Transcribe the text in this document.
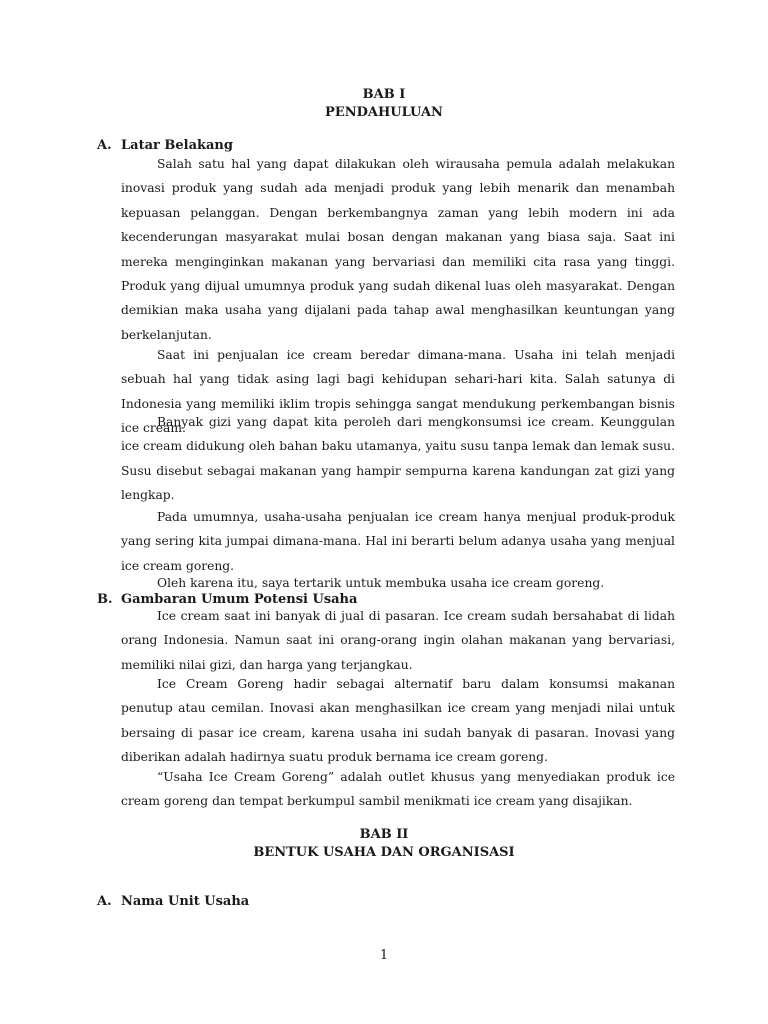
BAB I
PENDAHULUAN
A. Latar Belakang

Salah satu hal yang dapat dilakukan oleh wirausaha pemula adalah melakukan inovasi produk yang sudah ada menjadi produk yang lebih menarik dan menambah kepuasan pelanggan. Dengan berkembangnya zaman yang lebih modern ini ada kecenderungan masyarakat mulai bosan dengan makanan yang biasa saja. Saat ini mereka menginginkan makanan yang bervariasi dan memiliki cita rasa yang tinggi. Produk yang dijual umumnya produk yang sudah dikenal luas oleh masyarakat. Dengan demikian maka usaha yang dijalani pada tahap awal menghasilkan keuntungan yang berkelanjutan.

Saat ini penjualan ice cream beredar dimana-mana. Usaha ini telah menjadi sebuah hal yang tidak asing lagi bagi kehidupan sehari-hari kita. Salah satunya di Indonesia yang memiliki iklim tropis sehingga sangat mendukung perkembangan bisnis ice cream.

Banyak gizi yang dapat kita peroleh dari mengkonsumsi ice cream. Keunggulan ice cream didukung oleh bahan baku utamanya, yaitu susu tanpa lemak dan lemak susu. Susu disebut sebagai makanan yang hampir sempurna karena kandungan zat gizi yang lengkap.

Pada umumnya, usaha-usaha penjualan ice cream hanya menjual produk-produk yang sering kita jumpai dimana-mana. Hal ini berarti belum adanya usaha yang menjual ice cream goreng.

Oleh karena itu, saya tertarik untuk membuka usaha ice cream goreng.

B. Gambaran Umum Potensi Usaha

Ice cream saat ini banyak di jual di pasaran. Ice cream sudah bersahabat di lidah orang Indonesia. Namun saat ini orang-orang ingin olahan makanan yang bervariasi, memiliki nilai gizi, dan harga yang terjangkau.

Ice Cream Goreng hadir sebagai alternatif baru dalam konsumsi makanan penutup atau cemilan. Inovasi akan menghasilkan ice cream yang menjadi nilai untuk bersaing di pasar ice cream, karena usaha ini sudah banyak di pasaran. Inovasi yang diberikan adalah hadirnya suatu produk bernama ice cream goreng.

“Usaha Ice Cream Goreng” adalah outlet khusus yang menyediakan produk ice cream goreng dan tempat berkumpul sambil menikmati ice cream yang disajikan.

BAB II
BENTUK USAHA DAN ORGANISASI
A. Nama Unit Usaha
1
